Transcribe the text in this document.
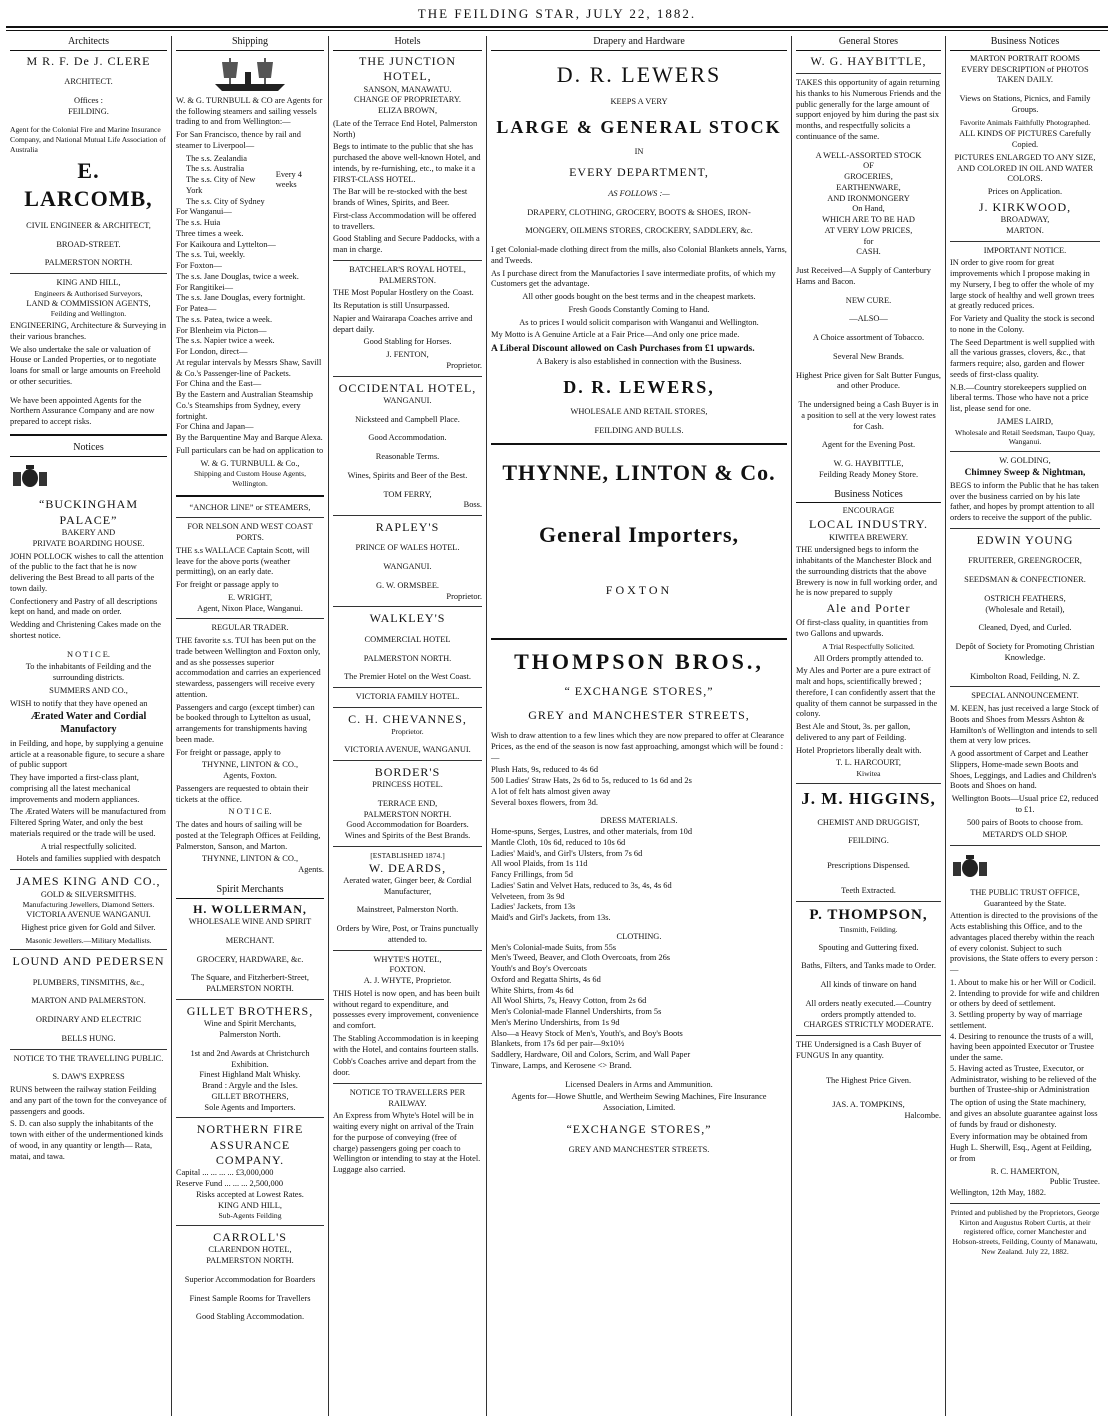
THE FEILDING STAR, JULY 22, 1882.
Architects
M R. F. De J. CLERE
ARCHITECT.
Offices :
FEILDING.

Agent for the Colonial Fire and Marine Insurance Company, and National Mutual Life Association of Australia

E. LARCOMB,
CIVIL ENGINEER & ARCHITECT,
BROAD-STREET.
PALMERSTON NORTH.
KING AND HILL,
Engineers & Authorised Surveyors,
LAND & COMMISSION AGENTS,
Feilding and Wellington.

ENGINEERING, Architecture & Surveying in their various branches.

We also undertake the sale or valuation of House or Landed Properties, or to negotiate loans for small or large amounts on Freehold or other securities.

We have been appointed Agents for the Northern Assurance Company and are now prepared to accept risks.

Notices
“BUCKINGHAM PALACE”
BAKERY AND
PRIVATE BOARDING HOUSE.

JOHN POLLOCK wishes to call the attention of the public to the fact that he is now delivering the Best Bread to all parts of the town daily.

Confectionery and Pastry of all descriptions kept on hand, and made on order.

Wedding and Christening Cakes made on the shortest notice.

N O T I C E.

To the inhabitants of Feilding and the surrounding districts.

SUMMERS AND CO.,

WISH to notify that they have opened an

Ærated Water and Cordial Manufactory

in Feilding, and hope, by supplying a genuine article at a reasonable figure, to secure a share of public support

They have imported a first-class plant, comprising all the latest mechanical improvements and modern appliances.

The Ærated Waters will be manufactured from Filtered Spring Water, and only the best materials required or the trade will be used.

A trial respectfully solicited.

Hotels and families supplied with despatch

JAMES KING AND CO.,
GOLD & SILVERSMITHS.
Manufacturing Jewellers, Diamond Setters.
VICTORIA AVENUE WANGANUI.

Highest price given for Gold and Silver.

Masonic Jewellers.—Military Medallists.

LOUND AND PEDERSEN
PLUMBERS, TINSMITHS, &c.,
MARTON AND PALMERSTON.
ORDINARY AND ELECTRIC
BELLS HUNG.
NOTICE TO THE TRAVELLING PUBLIC.
S. DAW'S EXPRESS

RUNS between the railway station Feilding and any part of the town for the conveyance of passengers and goods.

S. D. can also supply the inhabitants of the town with either of the undermentioned kinds of wood, in any quantity or length— Rata, matai, and tawa.

Shipping

W. & G. TURNBULL & CO are Agents for the following steamers and sailing vessels trading to and from Wellington:—

For San Francisco, thence by rail and steamer to Liverpool—

The s.s. Zealandia
The s.s. Australia
The s.s. City of New York
The s.s. City of Sydney
Every 4 weeks
For Wanganui—
The s.s. Huia
Three times a week.
For Kaikoura and Lyttelton—
The s.s. Tui, weekly.
For Foxton—
The s.s. Jane Douglas, twice a week.
For Rangitikei—
The s.s. Jane Douglas, every fortnight.
For Patea—
The s.s. Patea, twice a week.
For Blenheim via Picton—
The s.s. Napier twice a week.
For London, direct—
At regular intervals by Messrs Shaw, Savill & Co.'s Passenger-line of Packets.
For China and the East—
By the Eastern and Australian Steamship Co.'s Steamships from Sydney, every fortnight.
For China and Japan—
By the Barquentine May and Barque Alexa.

Full particulars can be had on application to

W. & G. TURNBULL & Co.,
Shipping and Custom House Agents, Wellington.
“ANCHOR LINE” or STEAMERS,
FOR NELSON AND WEST COAST PORTS.

THE s.s WALLACE Captain Scott, will leave for the above ports (weather permitting), on an early date.

For freight or passage apply to

E. WRIGHT,
Agent, Nixon Place, Wanganui.
REGULAR TRADER.

THE favorite s.s. TUI has been put on the trade between Wellington and Foxton only, and as she possesses superior accommodation and carries an experienced stewardess, passengers will receive every attention.

Passengers and cargo (except timber) can be booked through to Lyttelton as usual, arrangements for transhipments having been made.

For freight or passage, apply to

THYNNE, LINTON & CO.,
Agents, Foxton.

Passengers are requested to obtain their tickets at the office.

N O T I C E.

The dates and hours of sailing will be posted at the Telegraph Offices at Feilding, Palmerston, Sanson, and Marton.

THYNNE, LINTON & CO.,
Agents.
Spirit Merchants
H. WOLLERMAN,
WHOLESALE WINE AND SPIRIT
MERCHANT.
GROCERY, HARDWARE, &c.
The Square, and Fitzherbert-Street,
PALMERSTON NORTH.
GILLET BROTHERS,
Wine and Spirit Merchants,
Palmerston North.
1st and 2nd Awards at Christchurch Exhibition.
Finest Highland Malt Whisky.
Brand : Argyle and the Isles.
GILLET BROTHERS,
Sole Agents and Importers.
NORTHERN FIRE ASSURANCE COMPANY.
Capital ... ... ... ... £3,000,000
Reserve Fund ... ... ... 2,500,000
Risks accepted at Lowest Rates.
KING AND HILL,
Sub-Agents Feilding
CARROLL'S
CLARENDON HOTEL,
PALMERSTON NORTH.
Superior Accommodation for Boarders
Finest Sample Rooms for Travellers
Good Stabling Accommodation.
Hotels
THE JUNCTION HOTEL,
SANSON, MANAWATU.
CHANGE OF PROPRIETARY.
ELIZA BROWN,

(Late of the Terrace End Hotel, Palmerston North)

Begs to intimate to the public that she has purchased the above well-known Hotel, and intends, by re-furnishing, etc., to make it a FIRST-CLASS HOTEL.

The Bar will be re-stocked with the best brands of Wines, Spirits, and Beer.

First-class Accommodation will be offered to travellers.

Good Stabling and Secure Paddocks, with a man in charge.

BATCHELAR'S ROYAL HOTEL,
PALMERSTON.

THE Most Popular Hostlery on the Coast.

Its Reputation is still Unsurpassed.

Napier and Wairarapa Coaches arrive and depart daily.

Good Stabling for Horses.

J. FENTON,
Proprietor.
OCCIDENTAL HOTEL,
WANGANUI.
Nicksteed and Campbell Place.
Good Accommodation.
Reasonable Terms.
Wines, Spirits and Beer of the Best.
TOM FERRY,
Boss.
RAPLEY'S
PRINCE OF WALES HOTEL.
WANGANUI.
G. W. ORMSBEE.
Proprietor.
WALKLEY'S
COMMERCIAL HOTEL
PALMERSTON NORTH.
The Premier Hotel on the West Coast.
VICTORIA FAMILY HOTEL.
C. H. CHEVANNES,
Proprietor.
VICTORIA AVENUE, WANGANUI.
BORDER'S
PRINCESS HOTEL.
TERRACE END,
PALMERSTON NORTH.
Good Accommodation for Boarders.
Wines and Spirits of the Best Brands.
[ESTABLISHED 1874.]
W. DEARDS,
Aerated water, Ginger beer, & Cordial Manufacturer,
Mainstreet, Palmerston North.
Orders by Wire, Post, or Trains punctually attended to.
WHYTE'S HOTEL,
FOXTON.
A. J. WHYTE, Proprietor.

THIS Hotel is now open, and has been built without regard to expenditure, and possesses every improvement, convenience and comfort.

The Stabling Accommodation is in keeping with the Hotel, and contains fourteen stalls.

Cobb's Coaches arrive and depart from the door.

NOTICE TO TRAVELLERS PER RAILWAY.

An Express from Whyte's Hotel will be in waiting every night on arrival of the Train for the purpose of conveying (free of charge) passengers going per coach to Wellington or intending to stay at the Hotel. Luggage also carried.

Drapery and Hardware
D. R. LEWERS
KEEPS A VERY
LARGE & GENERAL STOCK
IN
EVERY DEPARTMENT,
AS FOLLOWS :—
DRAPERY, CLOTHING, GROCERY, BOOTS & SHOES, IRON-
MONGERY, OILMENS STORES, CROCKERY, SADDLERY, &c.

I get Colonial-made clothing direct from the mills, also Colonial Blankets annels, Yarns, and Tweeds.

As I purchase direct from the Manufactories I save intermediate profits, of which my Customers get the advantage.

All other goods bought on the best terms and in the cheapest markets.

Fresh Goods Constantly Coming to Hand.

As to prices I would solicit comparison with Wanganui and Wellington.

My Motto is A Genuine Article at a Fair Price—And only one price made.

A Liberal Discount allowed on Cash Purchases from £1 upwards.

A Bakery is also established in connection with the Business.

D. R. LEWERS,
WHOLESALE AND RETAIL STORES,
FEILDING AND BULLS.
THYNNE, LINTON & Co.
General Importers,
FOXTON
THOMPSON BROS.,
“ EXCHANGE STORES,”
GREY and MANCHESTER STREETS,

Wish to draw attention to a few lines which they are now prepared to offer at Clearance Prices, as the end of the season is now fast approaching, amongst which will be found :—

Plush Hats, 9s, reduced to 4s 6d
500 Ladies' Straw Hats, 2s 6d to 5s, reduced to 1s 6d and 2s
A lot of felt hats almost given away
Several boxes flowers, from 3d.
DRESS MATERIALS.
Home-spuns, Serges, Lustres, and other materials, from 10d
Mantle Cloth, 10s 6d, reduced to 10s 6d
Ladies' Maid's, and Girl's Ulsters, from 7s 6d
All wool Plaids, from 1s 11d
Fancy Frillings, from 5d
Ladies' Satin and Velvet Hats, reduced to 3s, 4s, 4s 6d
Velveteen, from 3s 9d
Ladies' Jackets, from 13s
Maid's and Girl's Jackets, from 13s.
CLOTHING.
Men's Colonial-made Suits, from 55s
Men's Tweed, Beaver, and Cloth Overcoats, from 26s
Youth's and Boy's Overcoats
Oxford and Regatta Shirts, 4s 6d
White Shirts, from 4s 6d
All Wool Shirts, 7s, Heavy Cotton, from 2s 6d
Men's Colonial-made Flannel Undershirts, from 5s
Men's Merino Undershirts, from 1s 9d
Also—a Heavy Stock of Men's, Youth's, and Boy's Boots
Blankets, from 17s 6d per pair—9x10½
Saddlery, Hardware, Oil and Colors, Scrim, and Wall Paper
Tinware, Lamps, and Kerosene <> Brand.

Licensed Dealers in Arms and Ammunition.

Agents for—Howe Shuttle, and Wertheim Sewing Machines, Fire Insurance Association, Limited.

“EXCHANGE STORES,”
GREY AND MANCHESTER STREETS.
General Stores
W. G. HAYBITTLE,

TAKES this opportunity of again returning his thanks to his Numerous Friends and the public generally for the large amount of support enjoyed by him during the past six months, and respectfully solicits a continuance of the same.

A WELL-ASSORTED STOCK
OF
GROCERIES,
EARTHENWARE,
AND IRONMONGERY
On Hand,
WHICH ARE TO BE HAD
AT VERY LOW PRICES,
for
CASH.

Just Received—A Supply of Canterbury Hams and Bacon.

NEW CURE.
—ALSO—
A Choice assortment of Tobacco.
Several New Brands.

Highest Price given for Salt Butter Fungus, and other Produce.

The undersigned being a Cash Buyer is in a position to sell at the very lowest rates for Cash.

Agent for the Evening Post.
W. G. HAYBITTLE,
Feilding Ready Money Store.
Business Notices
ENCOURAGE
LOCAL INDUSTRY.
KIWITEA BREWERY.

THE undersigned begs to inform the inhabitants of the Manchester Block and the surrounding districts that the above Brewery is now in full working order, and he is now prepared to supply

Ale and Porter

Of first-class quality, in quantities from two Gallons and upwards.

A Trial Respectfully Solicited.

All Orders promptly attended to.

My Ales and Porter are a pure extract of malt and hops, scientifically brewed ; therefore, I can confidently assert that the quality of them cannot be surpassed in the colony.

Best Ale and Stout, 3s. per gallon, delivered to any part of Feilding.

Hotel Proprietors liberally dealt with.

T. L. HARCOURT,
Kiwitea
J. M. HIGGINS,
CHEMIST AND DRUGGIST,
FEILDING.
Prescriptions Dispensed.
Teeth Extracted.
P. THOMPSON,
Tinsmith, Feilding.
Spouting and Guttering fixed.
Baths, Filters, and Tanks made to Order.
All kinds of tinware on hand
All orders neatly executed.—Country orders promptly attended to.
CHARGES STRICTLY MODERATE.

THE Undersigned is a Cash Buyer of FUNGUS In any quantity.

The Highest Price Given.
JAS. A. TOMPKINS,
Halcombe.
Business Notices
MARTON PORTRAIT ROOMS
EVERY DESCRIPTION of PHOTOS TAKEN DAILY.

Views on Stations, Picnics, and Family Groups.

Favorite Animals Faithfully Photographed.

ALL KINDS OF PICTURES Carefully Copied.

PICTURES ENLARGED TO ANY SIZE, AND COLORED IN OIL AND WATER COLORS.

Prices on Application.

J. KIRKWOOD,
BROADWAY,
MARTON.
IMPORTANT NOTICE.

IN order to give room for great improvements which I propose making in my Nursery, I beg to offer the whole of my large stock of healthy and well grown trees at greatly reduced prices.

For Variety and Quality the stock is second to none in the Colony.

The Seed Department is well supplied with all the various grasses, clovers, &c., that farmers require; also, garden and flower seeds of first-class quality.

N.B.—Country storekeepers supplied on liberal terms. Those who have not a price list, please send for one.

JAMES LAIRD,
Wholesale and Retail Seedsman, Taupo Quay, Wanganui.
W. GOLDING,
Chimney Sweep & Nightman,

BEGS to inform the Public that he has taken over the business carried on by his late father, and hopes by prompt attention to all orders to receive the support of the public.

EDWIN YOUNG
FRUITERER, GREENGROCER,
SEEDSMAN & CONFECTIONER.
OSTRICH FEATHERS,
(Wholesale and Retail),
Cleaned, Dyed, and Curled.
Depôt of Society for Promoting Christian Knowledge.
Kimbolton Road, Feilding, N. Z.
SPECIAL ANNOUNCEMENT.

M. KEEN, has just received a large Stock of Boots and Shoes from Messrs Ashton & Hamilton's of Wellington and intends to sell them at very low prices.

A good assortment of Carpet and Leather Slippers, Home-made sewn Boots and Shoes, Leggings, and Ladies and Children's Boots and Shoes on hand.

Wellington Boots—Usual price £2, reduced to £1.

500 pairs of Boots to choose from.

METARD'S OLD SHOP.
THE PUBLIC TRUST OFFICE,
Guaranteed by the State.

Attention is directed to the provisions of the Acts establishing this Office, and to the advantages placed thereby within the reach of every colonist. Subject to such provisions, the State offers to every person :—

1. About to make his or her Will or Codicil.
2. Intending to provide for wife and children or others by deed of settlement.
3. Settling property by way of marriage settlement.
4. Desiring to renounce the trusts of a will, having been appointed Executor or Trustee under the same.
5. Having acted as Trustee, Executor, or Administrator, wishing to be relieved of the burthen of Trustee-ship or Administration

The option of using the State machinery, and gives an absolute guarantee against loss of funds by fraud or dishonesty.

Every information may be obtained from Hugh L. Sherwill, Esq., Agent at Feilding, or from

R. C. HAMERTON,
Public Trustee.
Wellington, 12th May, 1882.

Printed and published by the Proprietors, George Kirton and Augustus Robert Curtis, at their registered office, corner Manchester and Hobson-streets, Feilding, County of Manawatu, New Zealand. July 22, 1882.
